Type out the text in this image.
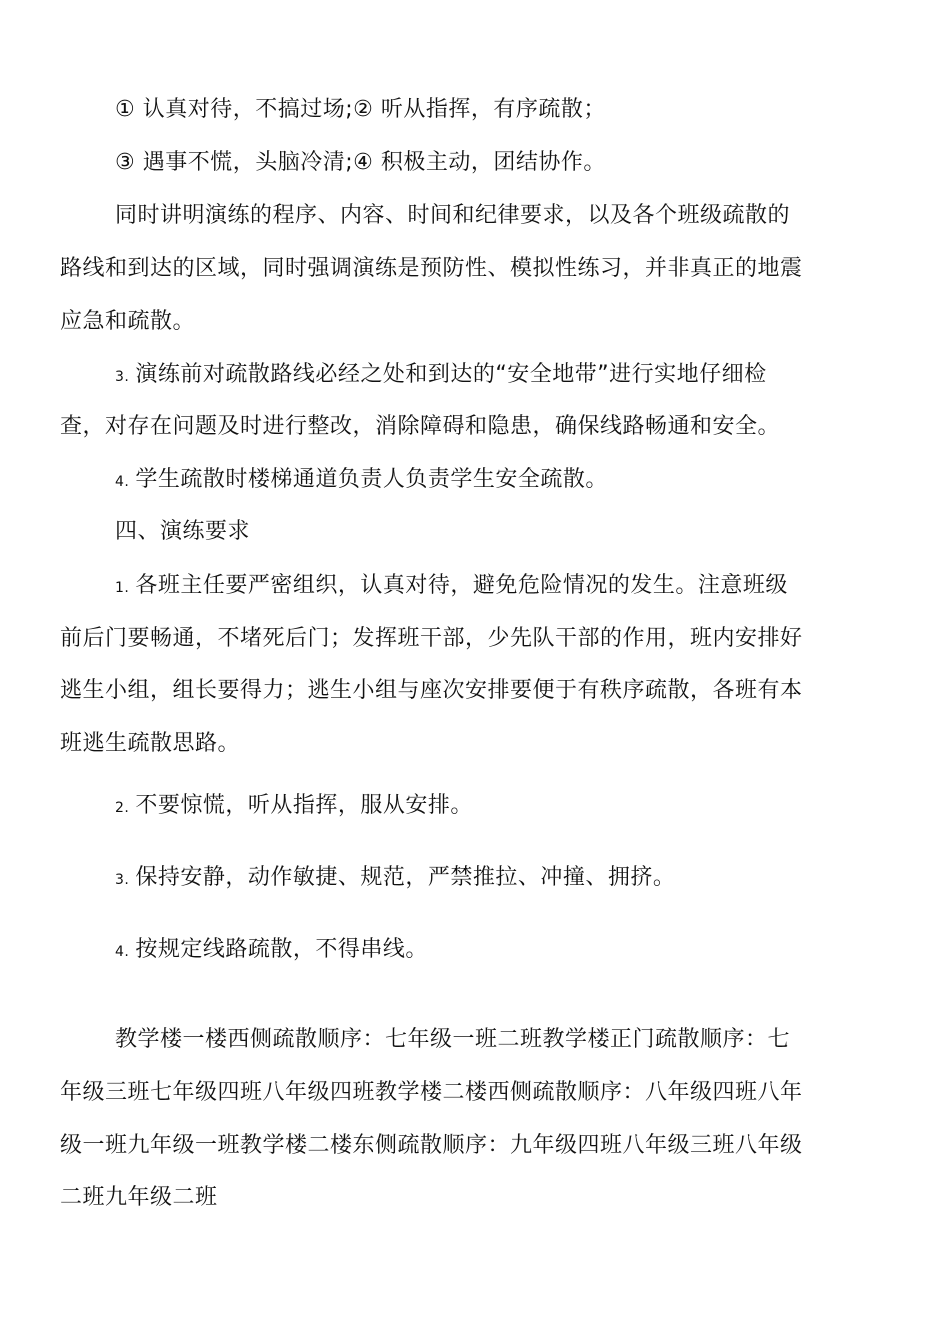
① 认真对待，不搞过场;② 听从指挥，有序疏散；
③ 遇事不慌，头脑冷清;④ 积极主动，团结协作。
同时讲明演练的程序、内容、时间和纪律要求，以及各个班级疏散的
路线和到达的区域，同时强调演练是预防性、模拟性练习，并非真正的地震
应急和疏散。
3. 演练前对疏散路线必经之处和到达的“安全地带”进行实地仔细检
查，对存在问题及时进行整改，消除障碍和隐患，确保线路畅通和安全。
4. 学生疏散时楼梯通道负责人负责学生安全疏散。
四、演练要求
1. 各班主任要严密组织，认真对待，避免危险情况的发生。注意班级
前后门要畅通，不堵死后门；发挥班干部，少先队干部的作用，班内安排好
逃生小组，组长要得力；逃生小组与座次安排要便于有秩序疏散，各班有本
班逃生疏散思路。
2. 不要惊慌，听从指挥，服从安排。
3. 保持安静，动作敏捷、规范，严禁推拉、冲撞、拥挤。
4. 按规定线路疏散，不得串线。
教学楼一楼西侧疏散顺序：七年级一班二班教学楼正门疏散顺序：七
年级三班七年级四班八年级四班教学楼二楼西侧疏散顺序：八年级四班八年
级一班九年级一班教学楼二楼东侧疏散顺序：九年级四班八年级三班八年级
二班九年级二班
